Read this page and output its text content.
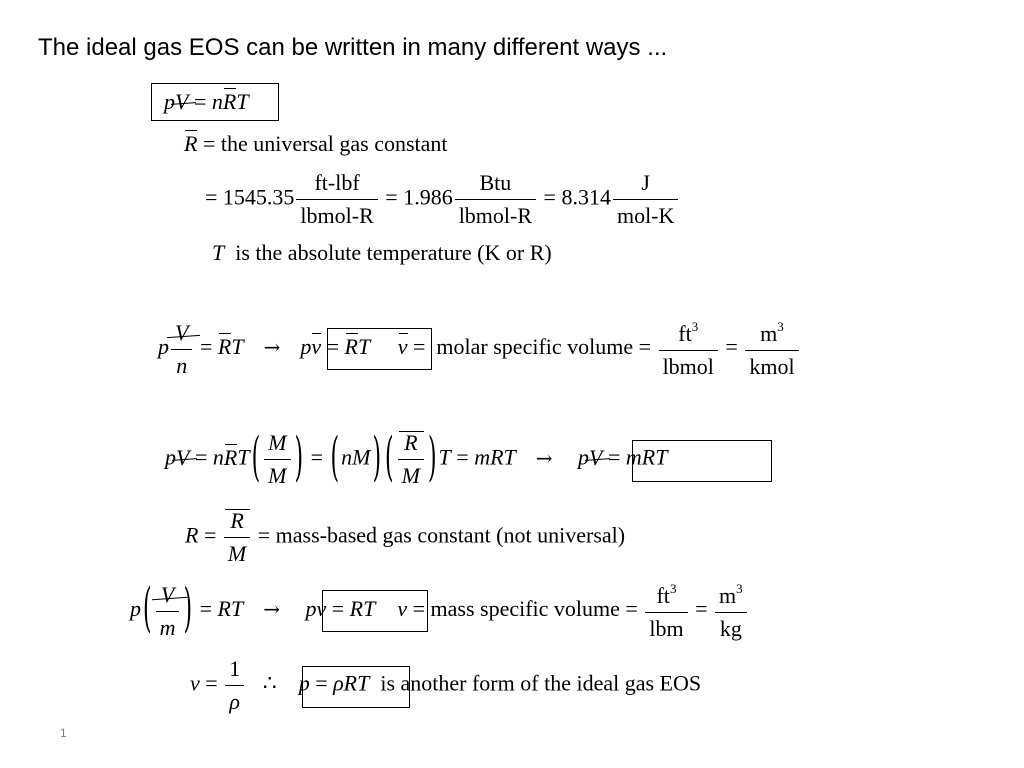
The ideal gas EOS can be written in many different ways ...
pV = nRT
R = the universal gas constant
= $1545.35 \frac{\text{ft-lbf}}{\text{lbmol-R}} = 1.986 \frac{\text{Btu}}{\text{lbmol-R}} = 8.314 \frac{J}{\text{mol-K}}$
T is the absolute temperature (K or R)
p $\frac{V}{n}$ = RT → pv = RT v =  molar specific volume = $\frac{ft^3}{\text{lbmol}} = \frac{m^3}{\text{kmol}}$
pV = $nRT( \frac{M}{M}$ ) = (nM) ( $\frac{R}{M} )T$ = mRT → pV = mRT
$R = \frac{R}{M}$ = mass-based gas constant (not universal)
$p( \frac{V}{m}$ ) = RT → pv = RT v = mass specific volume = $\frac{ft^3}{\text{lbm}} = \frac{m^3}{kg}$
$v = \frac{1}{\rho}$ ∴    p = ρRT is another form of the ideal gas EOS
1
